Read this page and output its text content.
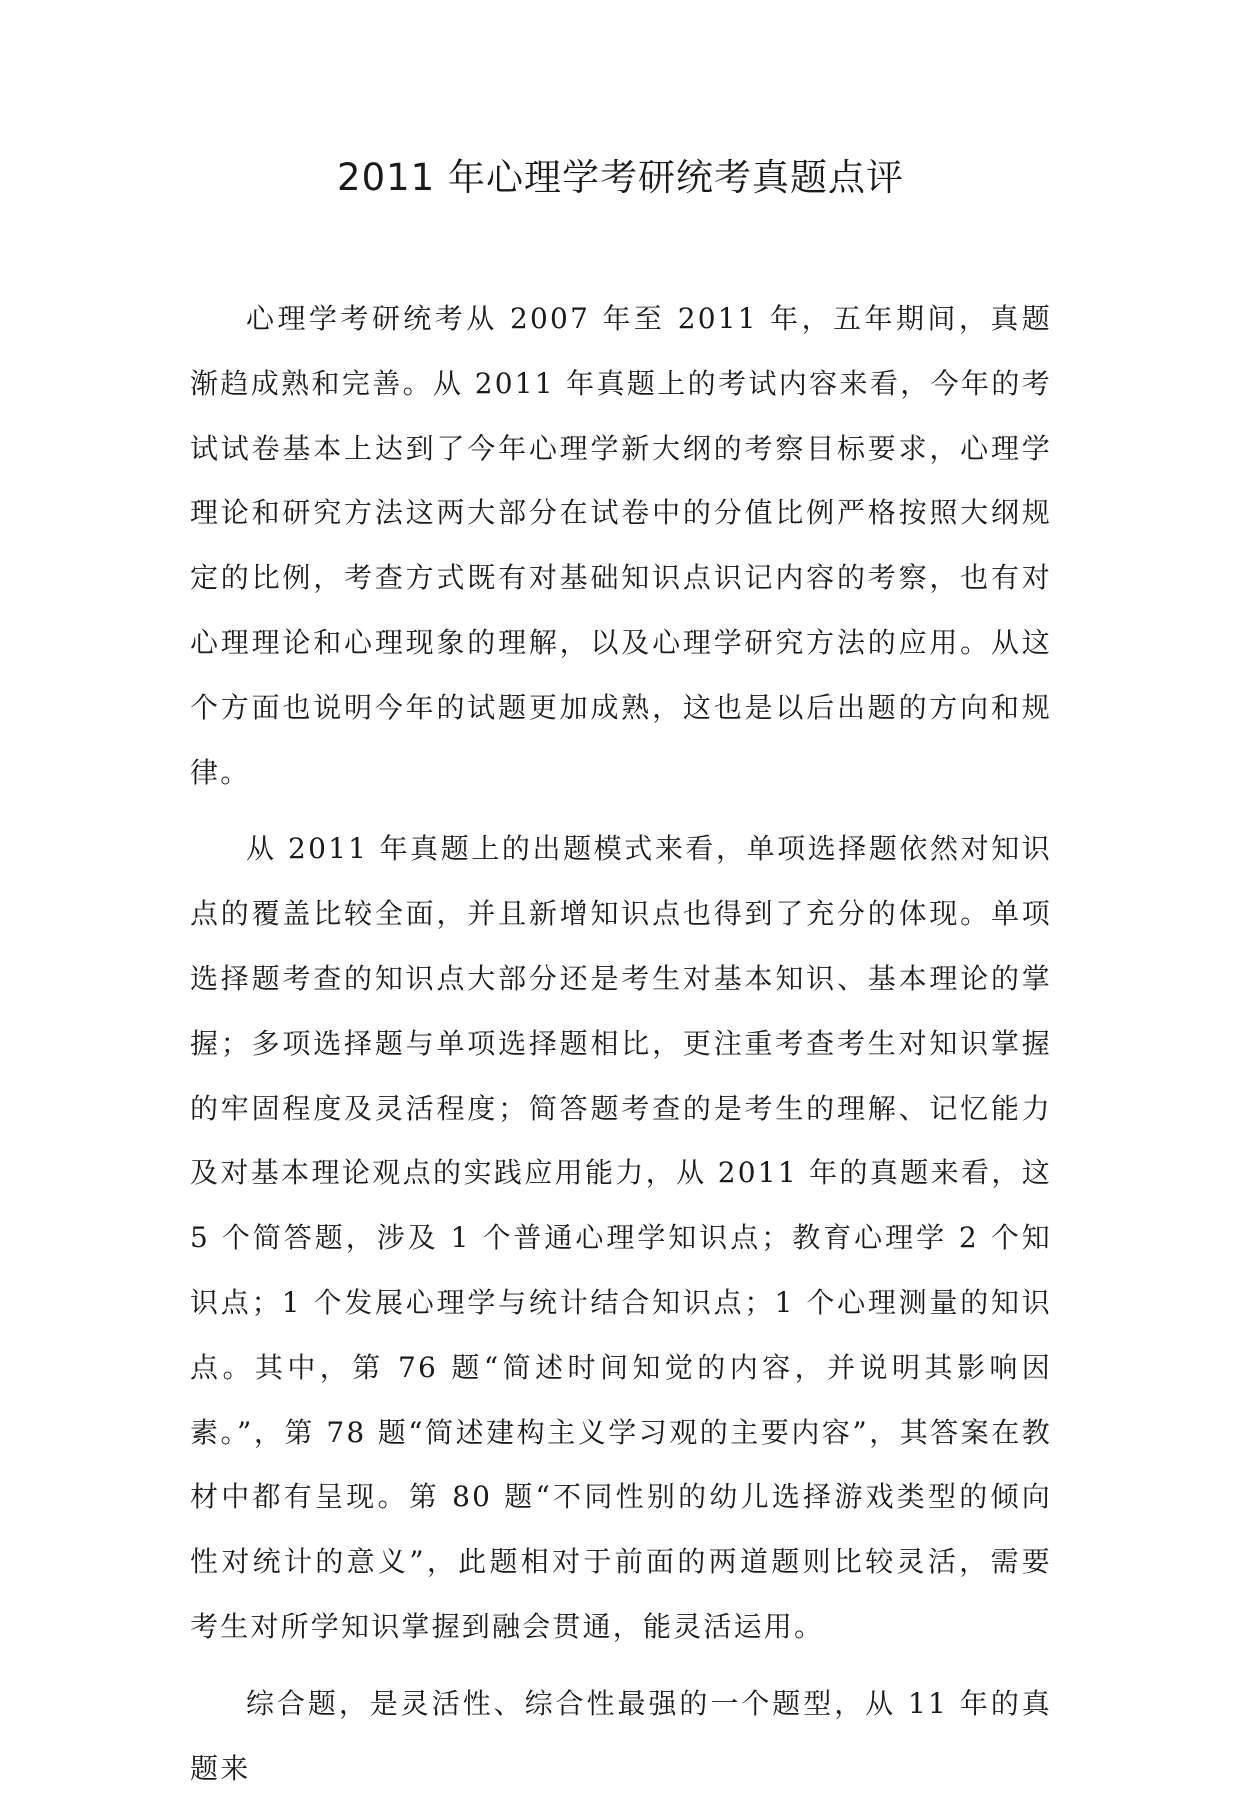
2011 年心理学考研统考真题点评

心理学考研统考从 2007 年至 2011 年，五年期间，真题渐趋成熟和完善。从 2011 年真题上的考试内容来看，今年的考试试卷基本上达到了今年心理学新大纲的考察目标要求，心理学理论和研究方法这两大部分在试卷中的分值比例严格按照大纲规定的比例，考查方式既有对基础知识点识记内容的考察，也有对心理理论和心理现象的理解，以及心理学研究方法的应用。从这个方面也说明今年的试题更加成熟，这也是以后出题的方向和规律。

从 2011 年真题上的出题模式来看，单项选择题依然对知识点的覆盖比较全面，并且新增知识点也得到了充分的体现。单项选择题考查的知识点大部分还是考生对基本知识、基本理论的掌握；多项选择题与单项选择题相比，更注重考查考生对知识掌握的牢固程度及灵活程度；简答题考查的是考生的理解、记忆能力及对基本理论观点的实践应用能力，从 2011 年的真题来看，这 5 个简答题，涉及 1 个普通心理学知识点；教育心理学 2 个知识点；1 个发展心理学与统计结合知识点；1 个心理测量的知识点。其中，第 76 题“简述时间知觉的内容，并说明其影响因素。”，第 78 题“简述建构主义学习观的主要内容”，其答案在教材中都有呈现。第 80 题“不同性别的幼儿选择游戏类型的倾向性对统计的意义”，此题相对于前面的两道题则比较灵活，需要考生对所学知识掌握到融会贯通，能灵活运用。

综合题，是灵活性、综合性最强的一个题型，从 11 年的真题来
